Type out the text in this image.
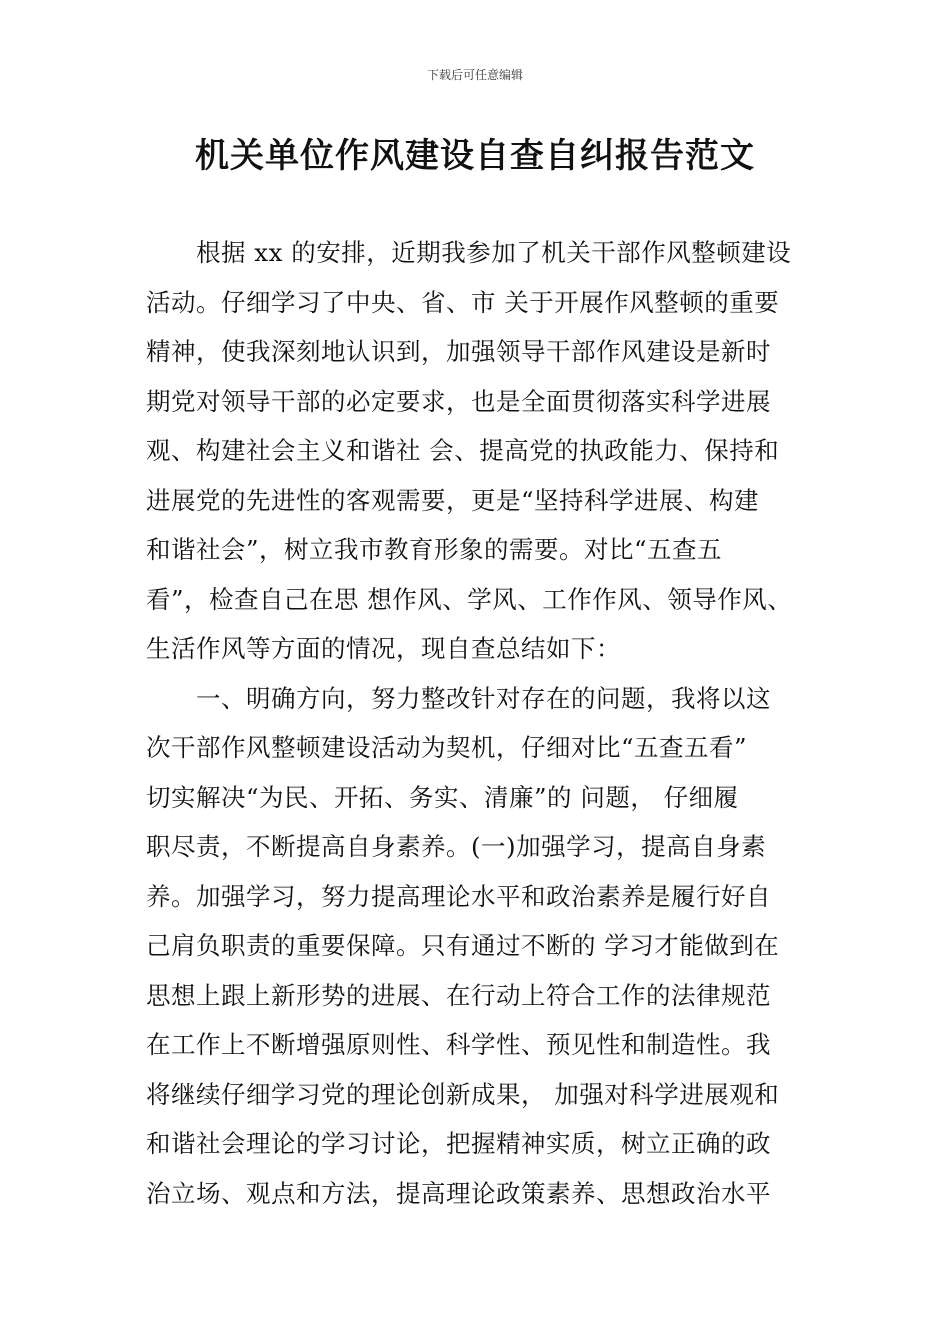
下载后可任意编辑
机关单位作风建设自查自纠报告范文
　　根据 xx 的安排，近期我参加了机关干部作风整顿建设
活动。仔细学习了中央、省、市 关于开展作风整顿的重要
精神，使我深刻地认识到，加强领导干部作风建设是新时
期党对领导干部的必定要求，也是全面贯彻落实科学进展
观、构建社会主义和谐社 会、提高党的执政能力、保持和
进展党的先进性的客观需要，更是“坚持科学进展、构建
和谐社会”，树立我市教育形象的需要。对比“五查五
看”，检查自己在思 想作风、学风、工作作风、领导作风、
生活作风等方面的情况，现自查总结如下：
　　一、明确方向，努力整改针对存在的问题，我将以这
次干部作风整顿建设活动为契机，仔细对比“五查五看”
切实解决“为民、开拓、务实、清廉”的 问题， 仔细履
职尽责，不断提高自身素养。(一)加强学习，提高自身素
养。加强学习，努力提高理论水平和政治素养是履行好自
己肩负职责的重要保障。只有通过不断的 学习才能做到在
思想上跟上新形势的进展、在行动上符合工作的法律规范
在工作上不断增强原则性、科学性、预见性和制造性。我
将继续仔细学习党的理论创新成果， 加强对科学进展观和
和谐社会理论的学习讨论，把握精神实质，树立正确的政
治立场、观点和方法，提高理论政策素养、思想政治水平
